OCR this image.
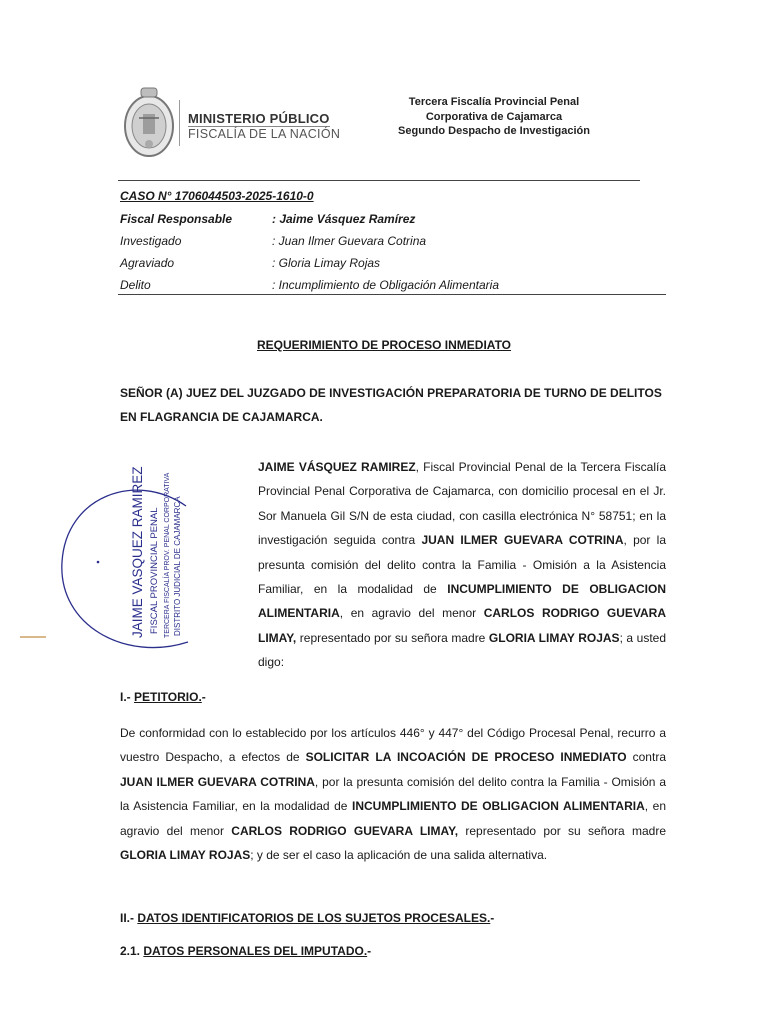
MINISTERIO PÚBLICO
FISCALÍA DE LA NACIÓN
Tercera Fiscalía Provincial Penal
Corporativa de Cajamarca
Segundo Despacho de Investigación
CASO N° 1706044503-2025-1610-0
Fiscal Responsable	: Jaime Vásquez Ramírez
Investigado	: Juan Ilmer Guevara Cotrina
Agraviado	: Gloria Limay Rojas
Delito	: Incumplimiento de Obligación Alimentaria
REQUERIMIENTO DE PROCESO INMEDIATO
SEÑOR (A) JUEZ DEL JUZGADO DE INVESTIGACIÓN PREPARATORIA DE TURNO DE DELITOS EN FLAGRANCIA DE CAJAMARCA.
JAIME VASQUEZ RAMIREZ FISCAL PROVINCIAL PENAL TERCERA FISCALÍA PROV. PENAL CORPORATIVA DISTRITO JUDICIAL DE CAJAMARCA
JAIME VÁSQUEZ RAMIREZ, Fiscal Provincial Penal de la Tercera Fiscalía Provincial Penal Corporativa de Cajamarca, con domicilio procesal en el Jr. Sor Manuela Gil S/N de esta ciudad, con casilla electrónica N° 58751; en la investigación seguida contra JUAN ILMER GUEVARA COTRINA, por la presunta comisión del delito contra la Familia - Omisión a la Asistencia Familiar, en la modalidad de INCUMPLIMIENTO DE OBLIGACION ALIMENTARIA, en agravio del menor CARLOS RODRIGO GUEVARA LIMAY, representado por su señora madre GLORIA LIMAY ROJAS; a usted digo:
I.- PETITORIO.-
De conformidad con lo establecido por los artículos 446° y 447° del Código Procesal Penal, recurro a vuestro Despacho, a efectos de SOLICITAR LA INCOACIÓN DE PROCESO INMEDIATO contra JUAN ILMER GUEVARA COTRINA, por la presunta comisión del delito contra la Familia - Omisión a la Asistencia Familiar, en la modalidad de INCUMPLIMIENTO DE OBLIGACION ALIMENTARIA, en agravio del menor CARLOS RODRIGO GUEVARA LIMAY, representado por su señora madre GLORIA LIMAY ROJAS; y de ser el caso la aplicación de una salida alternativa.
II.- DATOS IDENTIFICATORIOS DE LOS SUJETOS PROCESALES.-
2.1. DATOS PERSONALES DEL IMPUTADO.-
